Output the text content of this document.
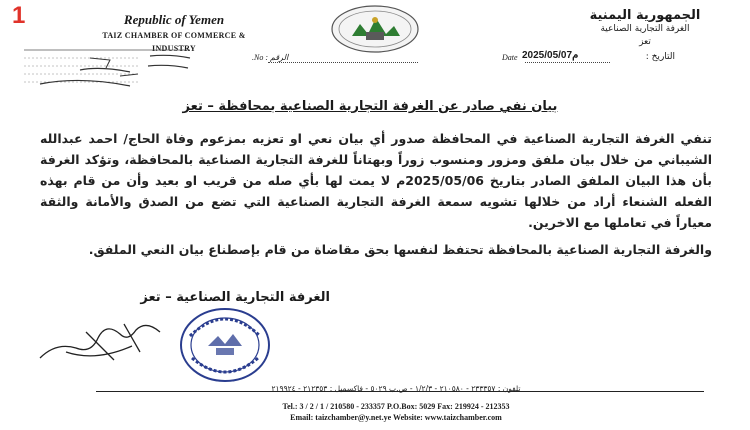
1	Republic of Yemen
TAIZ CHAMBER OF COMMERCE &
INDUSTRY
الجمهورية اليمنية
الغرفة التجارية الصناعية
تعز
الرقم : No.	Date 2025/05/07م	التاريخ :
بيان نفي صادر عن الغرفة التجارية الصناعية بمحافظة – تعز

تنفي الغرفة التجارية الصناعية في المحافظة صدور أي بيان نعي او تعزيه بمزعوم وفاة الحاج/ احمد عبدالله الشيباني من خلال بيان ملفق ومزور ومنسوب زوراً وبهتاناً للغرفة التجارية الصناعية بالمحافظة، وتؤكد الغرفة بأن هذا البيان الملفق الصادر بتاريخ 2025/05/06م لا يمت لها بأي صله من قريب او بعيد وأن من قام بهذه الفعله الشنعاء أراد من خلالها تشويه سمعة الغرفة التجارية الصناعية التي تضع من الصدق والأمانة والثقة معياراً في تعاملها مع الاخرين.

والغرفة التجارية الصناعية بالمحافظة تحتفظ لنفسها بحق مقاضاة من قام بإصطناع بيان النعي الملفق.

الغرفة التجارية الصناعية – تعز
تلفون : ٢٣٣٣٥٧ - ٢١٠٥٨٠ - ١/٢/٣ - ص.ب ٥٠٢٩ - فاكسميل : ٢١٢٣٥٣ - ٢١٩٩٢٤
Tel.: 3 / 2 / 1 / 210580 - 233357 P.O.Box: 5029 Fax: 219924 - 212353
Email: taizchamber@y.net.ye Website: www.taizchamber.com
